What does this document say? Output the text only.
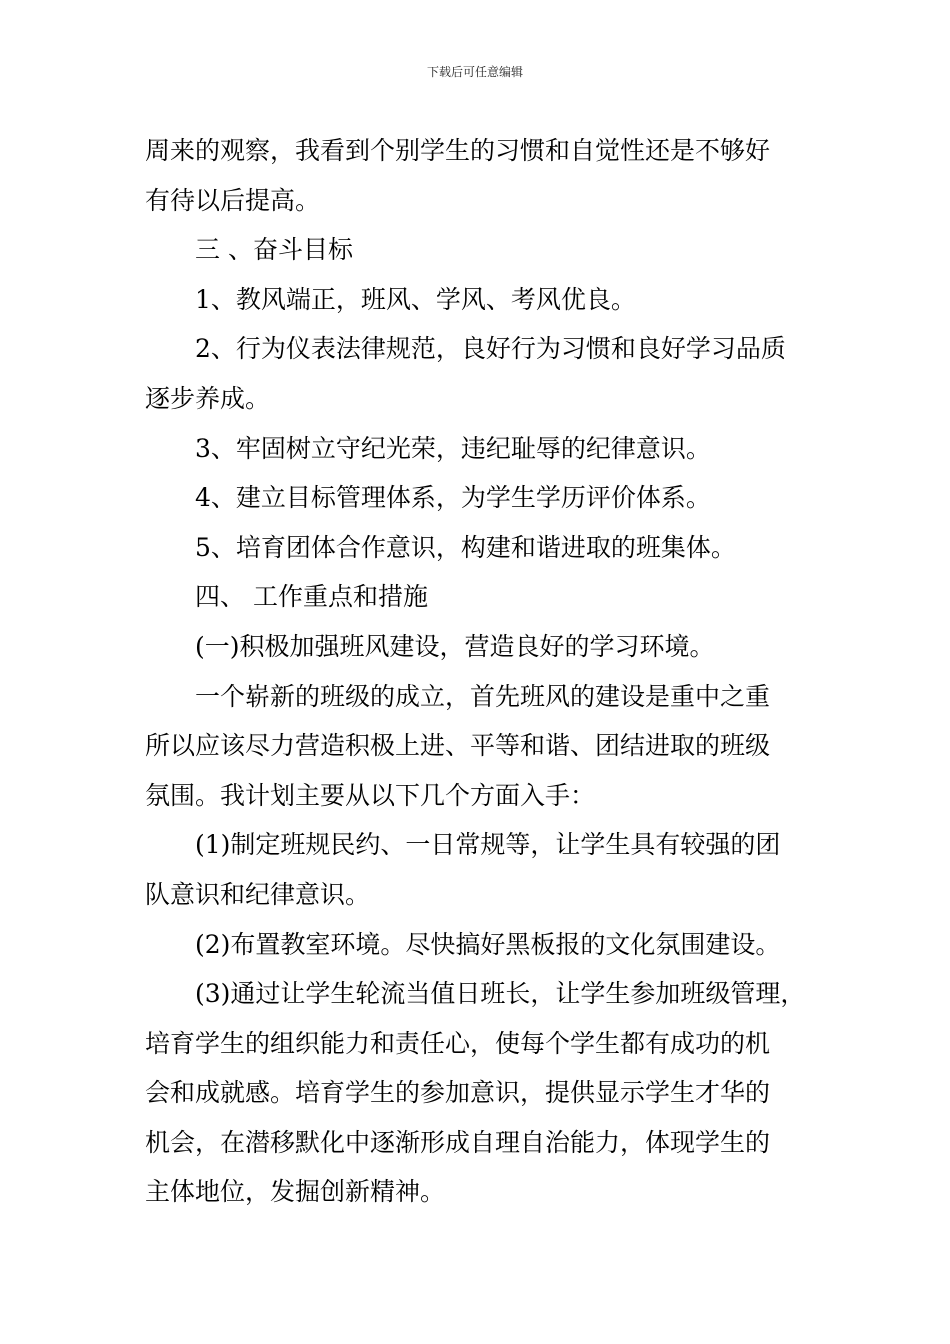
下载后可任意编辑
周来的观察，我看到个别学生的习惯和自觉性还是不够好
有待以后提高。
三 、奋斗目标
1、教风端正，班风、学风、考风优良。
2、行为仪表法律规范，良好行为习惯和良好学习品质
逐步养成。
3、牢固树立守纪光荣，违纪耻辱的纪律意识。
4、建立目标管理体系，为学生学历评价体系。
5、培育团体合作意识，构建和谐进取的班集体。
四、 工作重点和措施
(一)积极加强班风建设，营造良好的学习环境。
一个崭新的班级的成立，首先班风的建设是重中之重
所以应该尽力营造积极上进、平等和谐、团结进取的班级
氛围。我计划主要从以下几个方面入手：
(1)制定班规民约、一日常规等，让学生具有较强的团
队意识和纪律意识。
(2)布置教室环境。尽快搞好黑板报的文化氛围建设。
(3)通过让学生轮流当值日班长，让学生参加班级管理，
培育学生的组织能力和责任心，使每个学生都有成功的机
会和成就感。培育学生的参加意识，提供显示学生才华的
机会，在潜移默化中逐渐形成自理自治能力，体现学生的
主体地位，发掘创新精神。
